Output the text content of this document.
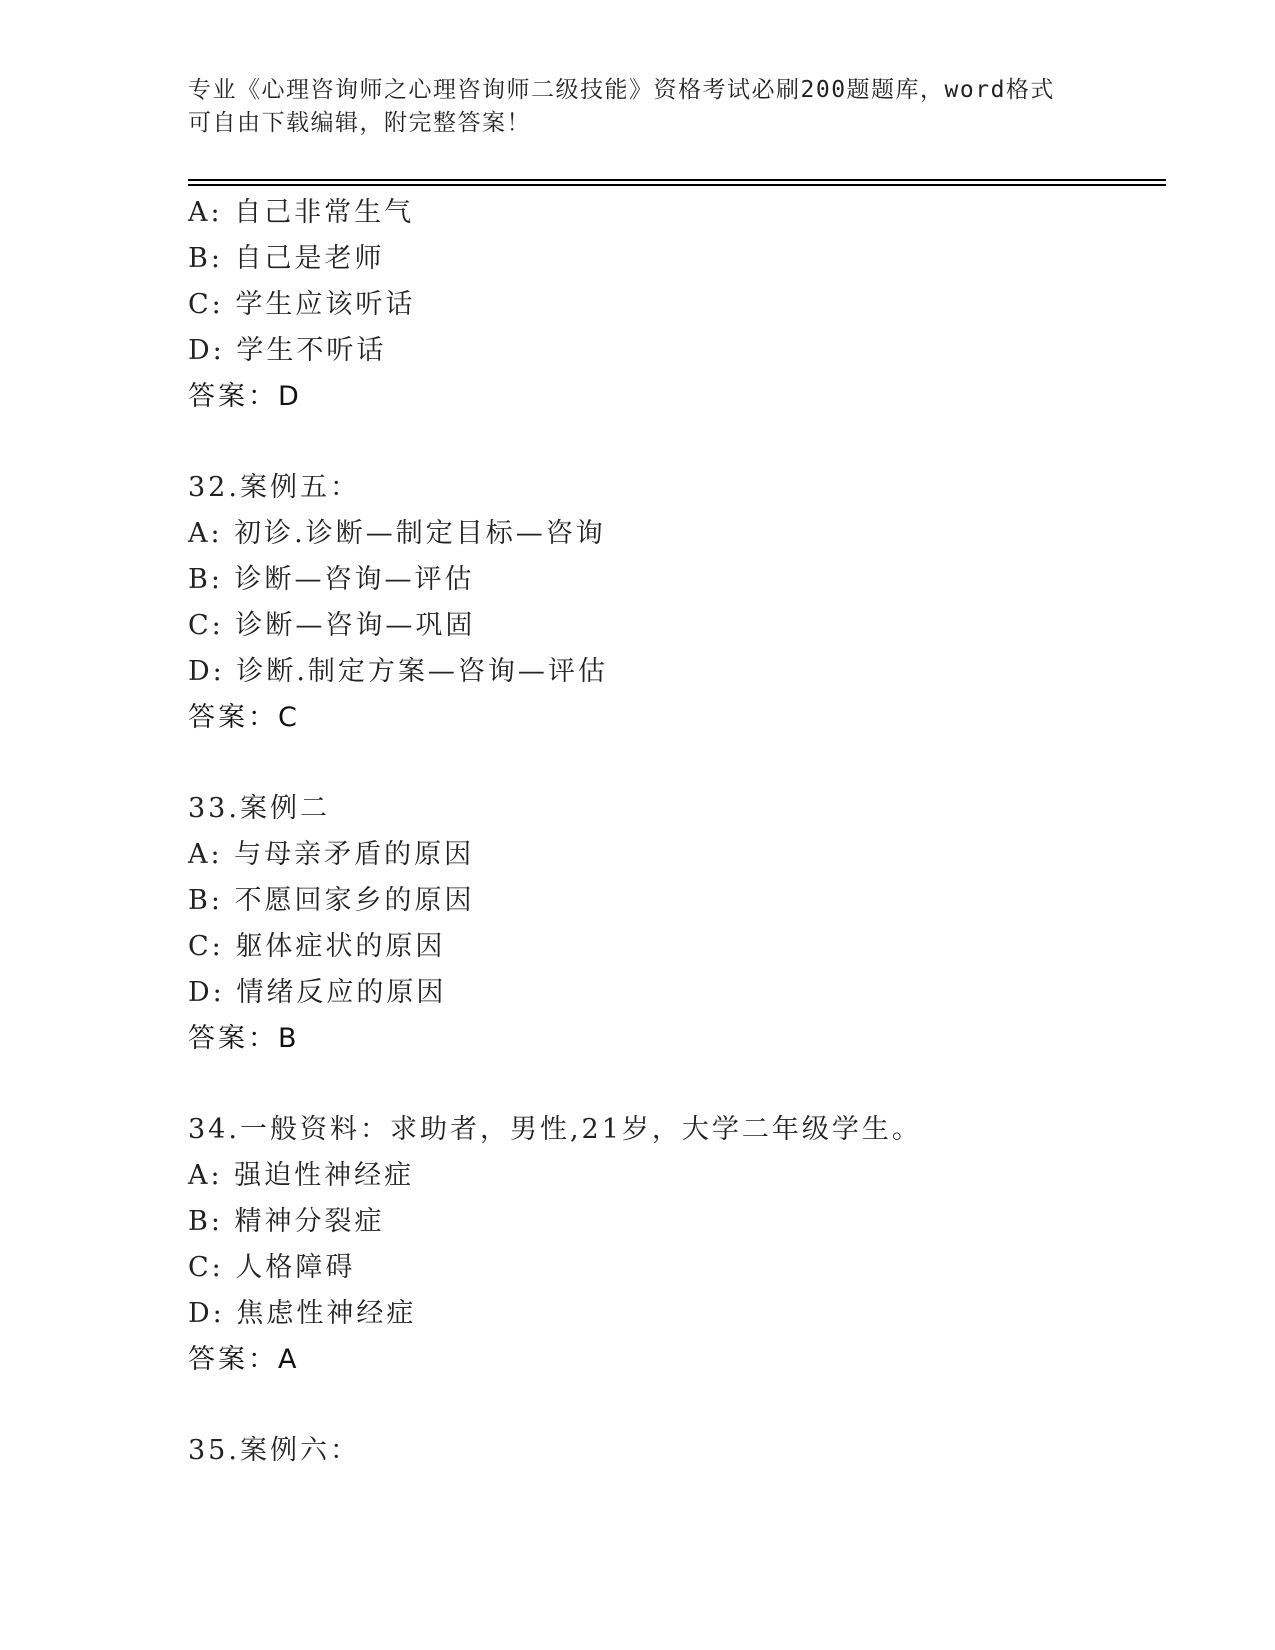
专业《心理咨询师之心理咨询师二级技能》资格考试必刷200题题库，word格式
可自由下载编辑，附完整答案！
A: 自己非常生气
B: 自己是老师
C: 学生应该听话
D: 学生不听话
答案：D
32.案例五：
A: 初诊.诊断—制定目标—咨询
B: 诊断—咨询—评估
C: 诊断—咨询—巩固
D: 诊断.制定方案—咨询—评估
答案：C
33.案例二
A: 与母亲矛盾的原因
B: 不愿回家乡的原因
C: 躯体症状的原因
D: 情绪反应的原因
答案：B
34.一般资料：求助者，男性,21岁，大学二年级学生。
A: 强迫性神经症
B: 精神分裂症
C: 人格障碍
D: 焦虑性神经症
答案：A
35.案例六：
